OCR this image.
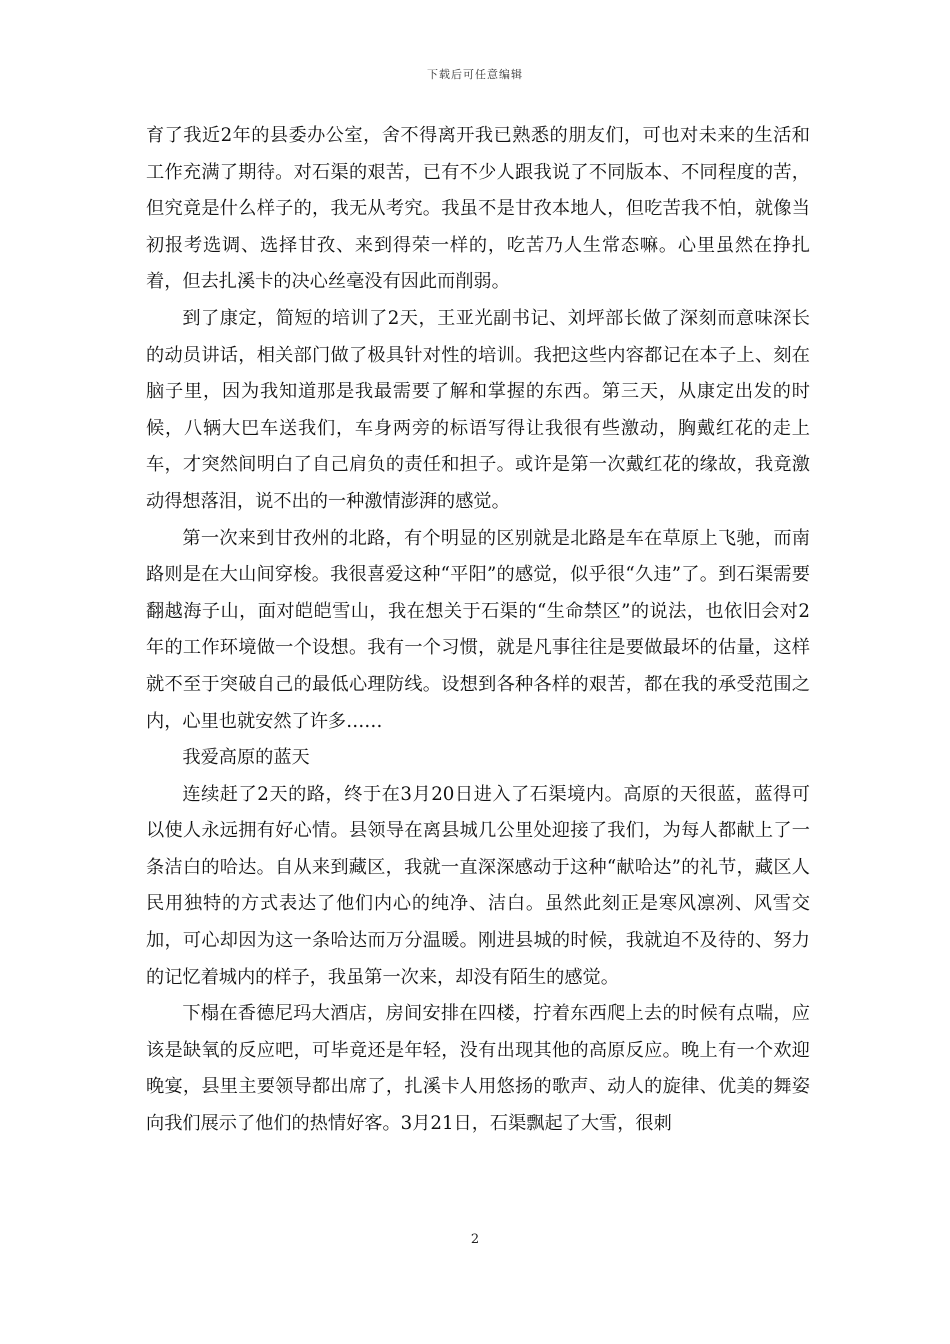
下载后可任意编辑

育了我近2年的县委办公室，舍不得离开我已熟悉的朋友们，可也对未来的生活和工作充满了期待。对石渠的艰苦，已有不少人跟我说了不同版本、不同程度的苦，但究竟是什么样子的，我无从考究。我虽不是甘孜本地人，但吃苦我不怕，就像当初报考选调、选择甘孜、来到得荣一样的，吃苦乃人生常态嘛。心里虽然在挣扎着，但去扎溪卡的决心丝毫没有因此而削弱。

到了康定，简短的培训了2天，王亚光副书记、刘坪部长做了深刻而意味深长的动员讲话，相关部门做了极具针对性的培训。我把这些内容都记在本子上、刻在脑子里，因为我知道那是我最需要了解和掌握的东西。第三天，从康定出发的时候，八辆大巴车送我们，车身两旁的标语写得让我很有些激动，胸戴红花的走上车，才突然间明白了自己肩负的责任和担子。或许是第一次戴红花的缘故，我竟激动得想落泪，说不出的一种激情澎湃的感觉。

第一次来到甘孜州的北路，有个明显的区别就是北路是车在草原上飞驰，而南路则是在大山间穿梭。我很喜爱这种“平阳”的感觉，似乎很“久违”了。到石渠需要翻越海子山，面对皑皑雪山，我在想关于石渠的“生命禁区”的说法，也依旧会对2年的工作环境做一个设想。我有一个习惯，就是凡事往往是要做最坏的估量，这样就不至于突破自己的最低心理防线。设想到各种各样的艰苦，都在我的承受范围之内，心里也就安然了许多……

我爱高原的蓝天

连续赶了2天的路，终于在3月20日进入了石渠境内。高原的天很蓝，蓝得可以使人永远拥有好心情。县领导在离县城几公里处迎接了我们，为每人都献上了一条洁白的哈达。自从来到藏区，我就一直深深感动于这种“献哈达”的礼节，藏区人民用独特的方式表达了他们内心的纯净、洁白。虽然此刻正是寒风凛冽、风雪交加，可心却因为这一条哈达而万分温暖。刚进县城的时候，我就迫不及待的、努力的记忆着城内的样子，我虽第一次来，却没有陌生的感觉。

下榻在香德尼玛大酒店，房间安排在四楼，拧着东西爬上去的时候有点喘，应该是缺氧的反应吧，可毕竟还是年轻，没有出现其他的高原反应。晚上有一个欢迎晚宴，县里主要领导都出席了，扎溪卡人用悠扬的歌声、动人的旋律、优美的舞姿向我们展示了他们的热情好客。3月21日，石渠飘起了大雪，很刺

2
